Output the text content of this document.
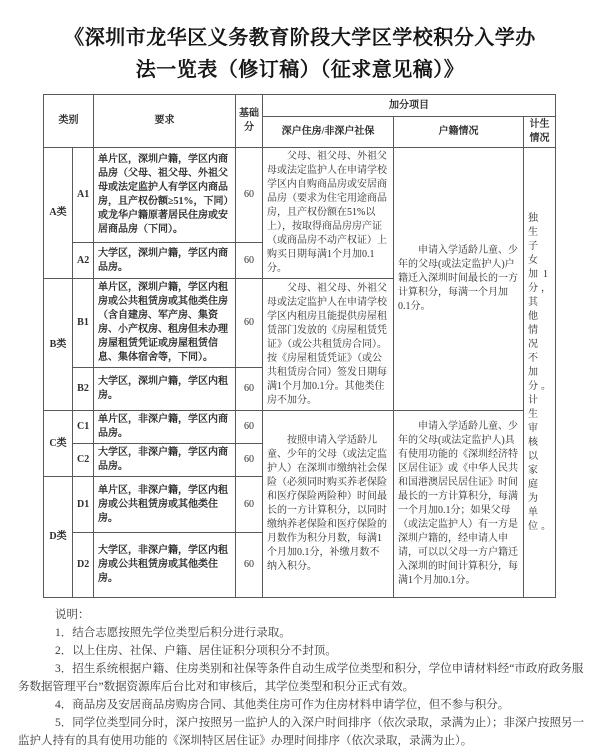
《深圳市龙华区义务教育阶段大学区学校积分入学办
法一览表（修订稿）（征求意见稿）》
类别		要求	基础分	加分项目		
				深户住房/非深户社保	户籍情况	计生情况
A类	A1	单片区，深圳户籍，学区内商品房（父母、祖父母、外祖父母或法定监护人有学区内商品房，且产权份额≥51%，下同）或龙华户籍原著居民住房或安居商品房（下同）。	60	父母、祖父母、外祖父母或法定监护人在申请学校学区内自购商品房或安居商品房（要求为住宅用途商品房，且产权份额在51%以上），按取得商品房房产证（或商品房不动产权证）上购买日期每满1个月加0.1分。	申请入学适龄儿童、少年的父母(或法定监护人)户籍迁入深圳时间最长的一方计算积分，每满一个月加0.1分。	独生子女加1分，其他情况不加分。计生审核以家庭为单位。
	A2	大学区，深圳户籍，学区内商品房。	60			
B类	B1	单片区，深圳户籍，学区内租房或公共租赁房或其他类住房（含自建房、军产房、集资房、小产权房、租房但未办理房屋租赁凭证或房屋租赁信息、集体宿舍等，下同）。	60	父母、祖父母、外祖父母或法定监护人在申请学校学区内租房且能提供房屋租赁部门发放的《房屋租赁凭证》（或公共租赁房合同）。按《房屋租赁凭证》（或公共租赁房合同）签发日期每满1个月加0.1分。其他类住房不加分。		
	B2	大学区，深圳户籍，学区内租房。	60			
C类	C1	单片区，非深户籍，学区内商品房。	60	按照申请入学适龄儿童、少年的父母（或法定监护人）在深圳市缴纳社会保险（必须同时购买养老保险和医疗保险两险种）时间最长的一方计算积分，以同时缴纳养老保险和医疗保险的月数作为积分月数，每满1个月加0.1分，补缴月数不纳入积分。	申请入学适龄儿童、少年的父母(或法定监护人)具有使用功能的《深圳经济特区居住证》或《中华人民共和国港澳居民居住证》时间最长的一方计算积分，每满一个月加0.1分；如果父母（或法定监护人）有一方是深圳户籍的，经申请人申请，可以以父母一方户籍迁入深圳的时间计算积分，每满1个月加0.1分。	
	C2	大学区，非深户籍，学区内商品房。	60			
D类	D1	单片区，非深户籍，学区内租房或公共租赁房或其他类住房。	60			
	D2	大学区，非深户籍，学区内租房或公共租赁房或其他类住房。	60			

说明：

1．结合志愿按照先学位类型后积分进行录取。

2．以上住房、社保、户籍、居住证积分项积分不封顶。

3．招生系统根据户籍、住房类别和社保等条件自动生成学位类型和积分，学位申请材料经“市政府政务服务数据管理平台”数据资源库后台比对和审核后，其学位类型和积分正式有效。

4．商品房及安居商品房购房合同、其他类住房可作为住房材料申请学位，但不参与积分。

5．同学位类型同分时，深户按照另一监护人的入深户时间排序（依次录取，录满为止）；非深户按照另一监护人持有的具有使用功能的《深圳特区居住证》办理时间排序（依次录取，录满为止）。
